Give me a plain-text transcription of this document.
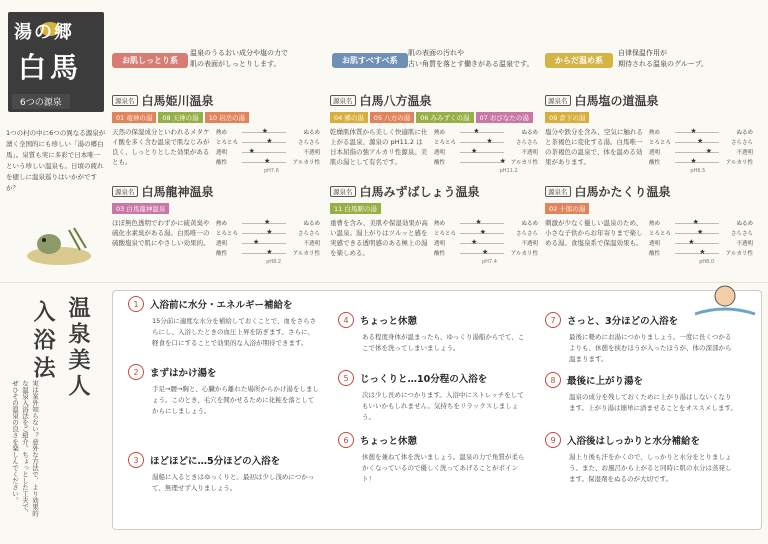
湯の郷
白馬
6つの源泉
1つの村の中に6つの異なる源泉が湧く全国的にも珍しい「湯の郷白馬」。泉質も実に多彩で日本唯一という珍しい温泉も。日頃の疲れを癒しに温泉巡りはいかがですか？
お肌しっとり系
温泉のうるおい成分や塩の力で
肌の表面がしっとりします。	お肌すべすべ系
肌の表面の汚れや
古い角質を落とす働きがある温泉です。	からだ温め系
自律保温作用が
期待される温泉のグループ。
源泉名 白馬姫川温泉
01 竜神の湯	08 天神の湯	10 岩岳の湯
天然の保湿成分といわれるメタケイ酸を多く含む温泉で肌なじみが良く、しっとりとした効果があるとも。
熱め	★	ぬるめ
とろとろ	★	さらさら
透明	★	不透明
酸性	★	アルカリ性
pH7.6
源泉名 白馬八方温泉
04 郷の湯	05 八方の湯	06 みみずくの湯	07 おびなたの湯
乾燥肌体質から美しく快適肌に仕上がる温泉、源泉の pH11.2 は日本屈指の強アルカリ性源泉。美肌の湯として有名です。
熱め	★	ぬるめ
とろとろ	★	さらさら
透明	★	不透明
酸性	★ アルカリ性
pH11.2
源泉名 白馬塩の道温泉
09 倉下の湯
塩分や鉄分を含み、空気に触れると茶褐色に変化する湯。白馬唯一の茶褐色の温泉で、体を温める効果があります。
熱め	★	ぬるめ
とろとろ	★	さらさら
透明	★	不透明
酸性	★	アルカリ性
pH6.5
源泉名 白馬龍神温泉
03 白馬龍神温泉
ほぼ無色透明でわずかに硫黄臭や硫化水素臭がある湯。白馬唯一の硫酸塩泉で肌にやさしい効果的。
熱め	★	ぬるめ
とろとろ	★	さらさら
透明	★	不透明
酸性	★	アルカリ性
pH8.2
源泉名 白馬みずばしょう温泉
11 白馬駅の湯
重曹を含み、美肌や保湿効果が高い温泉。湯上がりはツルッと感を実感できる透明感のある極上の湯を楽しめる。
熱め	★	ぬるめ
とろとろ	★	さらさら
透明	★	不透明
酸性	★	アルカリ性
pH7.4
源泉名 白馬かたくり温泉
02 十郎の湯
刺激が少なく優しい温泉のため、小さな子供からお年寄りまで楽しめる湯。食塩泉系で保温効果も。
熱め	★	ぬるめ
とろとろ	★	さらさら
透明	★	不透明
酸性	★	アルカリ性
pH8.0
温泉美人
入浴法
実は案外知らない？意外な方法で、より効果的な温泉入浴法をご紹介。ちょっとした工夫で、ぜひその温泉の良さを楽しんでください。
1	入浴前に水分・エネルギー補給を
15分前に適度な水分を補給しておくことで、血をさらさらにし、入浴したときの血圧上昇を防ぎます。さらに、軽食を口にすることで効果的な入浴が期待できます。
2	まずはかけ湯を
手足→腰→胸と、心臓から離れた場所からかけ湯をしましょう。このとき、毛穴を開かせるために化粧を落としてからにしましょう。
3	ほどほどに…5分ほどの入浴を
湯船に入るときはゆっくりと。最初は少し浅めにつかって、無理せず入りましょう。
4	ちょっと休憩
ある程度身体が温まったら、ゆっくり湯船からでて、ここで体を洗ってしまいましょう。
5	じっくりと…10分程の入浴を
次は少し長めにつかります。入浴中にストレッチをしてもいいかもしれません。気持ちをリラックスしましょう。
6	ちょっと休憩
休憩を兼ねて体を洗いましょう。温泉の力で角質が柔らかくなっているので優しく洗ってあげることがポイント！
7	さっと、3分ほどの入浴を
最後に軽めにお湯につかりましょう。一度に長くつかるよりも、休憩を挟むほうが入ったほうが、体の深部から温まります。
8	最後に上がり湯を
温泉の成分を残しておくために上がり湯はしないくなります。上がり湯は簡単に済ませることをオススメします。
9	入浴後はしっかりと水分補給を
湯上り後も汗をかくので、しっかりと水分をとりましょう。また、お風呂から上がると同時に肌の水分は蒸発します。保湿剤をぬるのが大切です。
